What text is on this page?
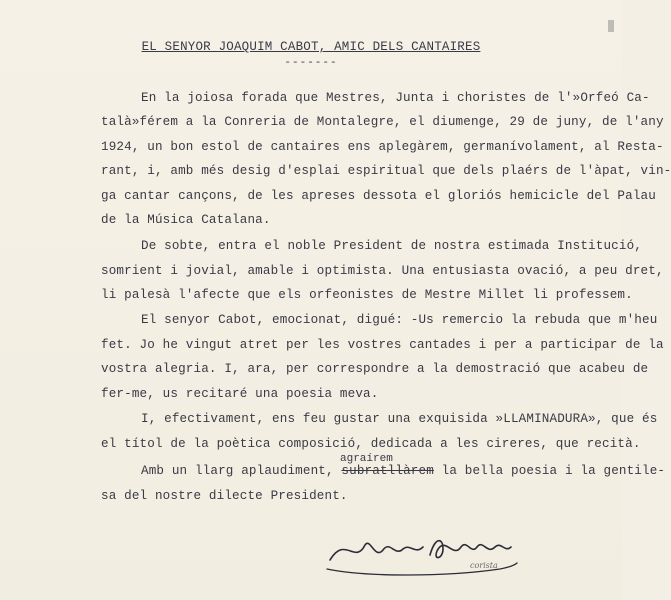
EL SENYOR JOAQUIM CABOT, AMIC DELS CANTAIRES
-------
En la joiosa forada que Mestres, Junta i choristes de l'»Orfeó Ca-
talà»férem a la Conreria de Montalegre, el diumenge, 29 de juny, de l'any
1924, un bon estol de cantaires ens aplegàrem, germanívolament, al Resta-
rant, i, amb més desig d'esplai espiritual que dels plaérs de l'àpat, vin-
ga cantar cançons, de les apreses dessota el gloriós hemicicle del Palau
de la Música Catalana.
De sobte, entra el noble President de nostra estimada Institució,
somrient i jovial, amable i optimista. Una entusiasta ovació, a peu dret,
li palesà l'afecte que els orfeonistes de Mestre Millet li professem.
El senyor Cabot, emocionat, digué: -Us remercio la rebuda que m'heu
fet. Jo he vingut atret per les vostres cantades i per a participar de la
vostra alegria. I, ara, per correspondre a la demostració que acabeu de
fer-me, us recitaré una poesia meva.
I, efectivament, ens feu gustar una exquisida »LLAMINADURA», que és
el títol de la poètica composició, dedicada a les cireres, que recità.
agraírem
Amb un llarg aplaudiment, subratllàrem la bella poesia i la gentile-
sa del nostre dilecte President.
corista
